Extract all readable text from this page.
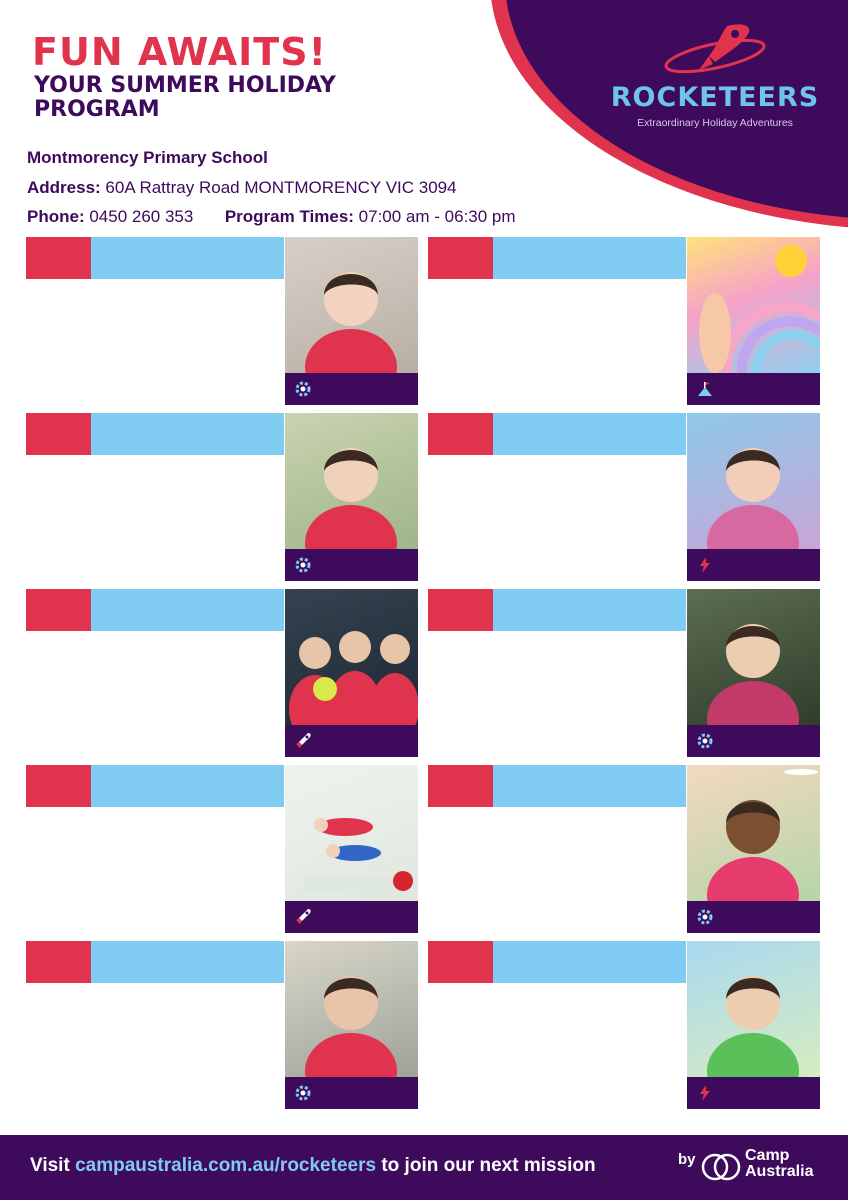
ROCKETEERS
Extraordinary Holiday Adventures
FUN AWAITS!
YOUR SUMMER HOLIDAY PROGRAM
Montmorency Primary School
Address: 60A Rattray Road MONTMORENCY VIC 3094
Phone: 0450 260 353 Program Times: 07:00 am - 06:30 pm
Visit campaustralia.com.au/rocketeers to join our next mission	by	Camp
Australia
